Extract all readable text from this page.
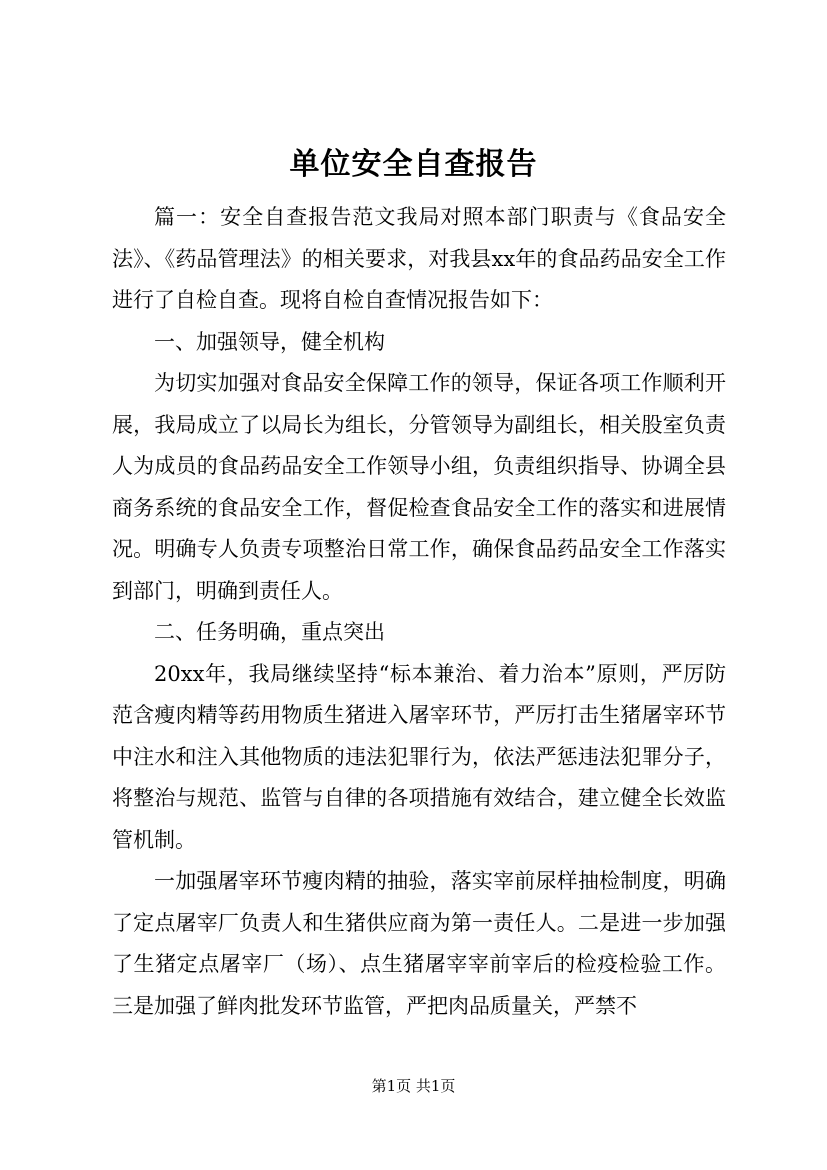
单位安全自查报告

篇一：安全自查报告范文我局对照本部门职责与《食品安全法》、《药品管理法》的相关要求，对我县xx年的食品药品安全工作进行了自检自查。现将自检自查情况报告如下：

一、加强领导，健全机构

为切实加强对食品安全保障工作的领导，保证各项工作顺利开展，我局成立了以局长为组长，分管领导为副组长，相关股室负责人为成员的食品药品安全工作领导小组，负责组织指导、协调全县商务系统的食品安全工作，督促检查食品安全工作的落实和进展情况。明确专人负责专项整治日常工作，确保食品药品安全工作落实到部门，明确到责任人。

二、任务明确，重点突出

20xx年，我局继续坚持“标本兼治、着力治本”原则，严厉防范含瘦肉精等药用物质生猪进入屠宰环节，严厉打击生猪屠宰环节中注水和注入其他物质的违法犯罪行为，依法严惩违法犯罪分子，将整治与规范、监管与自律的各项措施有效结合，建立健全长效监管机制。

一加强屠宰环节瘦肉精的抽验，落实宰前尿样抽检制度，明确了定点屠宰厂负责人和生猪供应商为第一责任人。二是进一步加强了生猪定点屠宰厂（场）、点生猪屠宰宰前宰后的检疫检验工作。三是加强了鲜肉批发环节监管，严把肉品质量关，严禁不

第1页 共1页
